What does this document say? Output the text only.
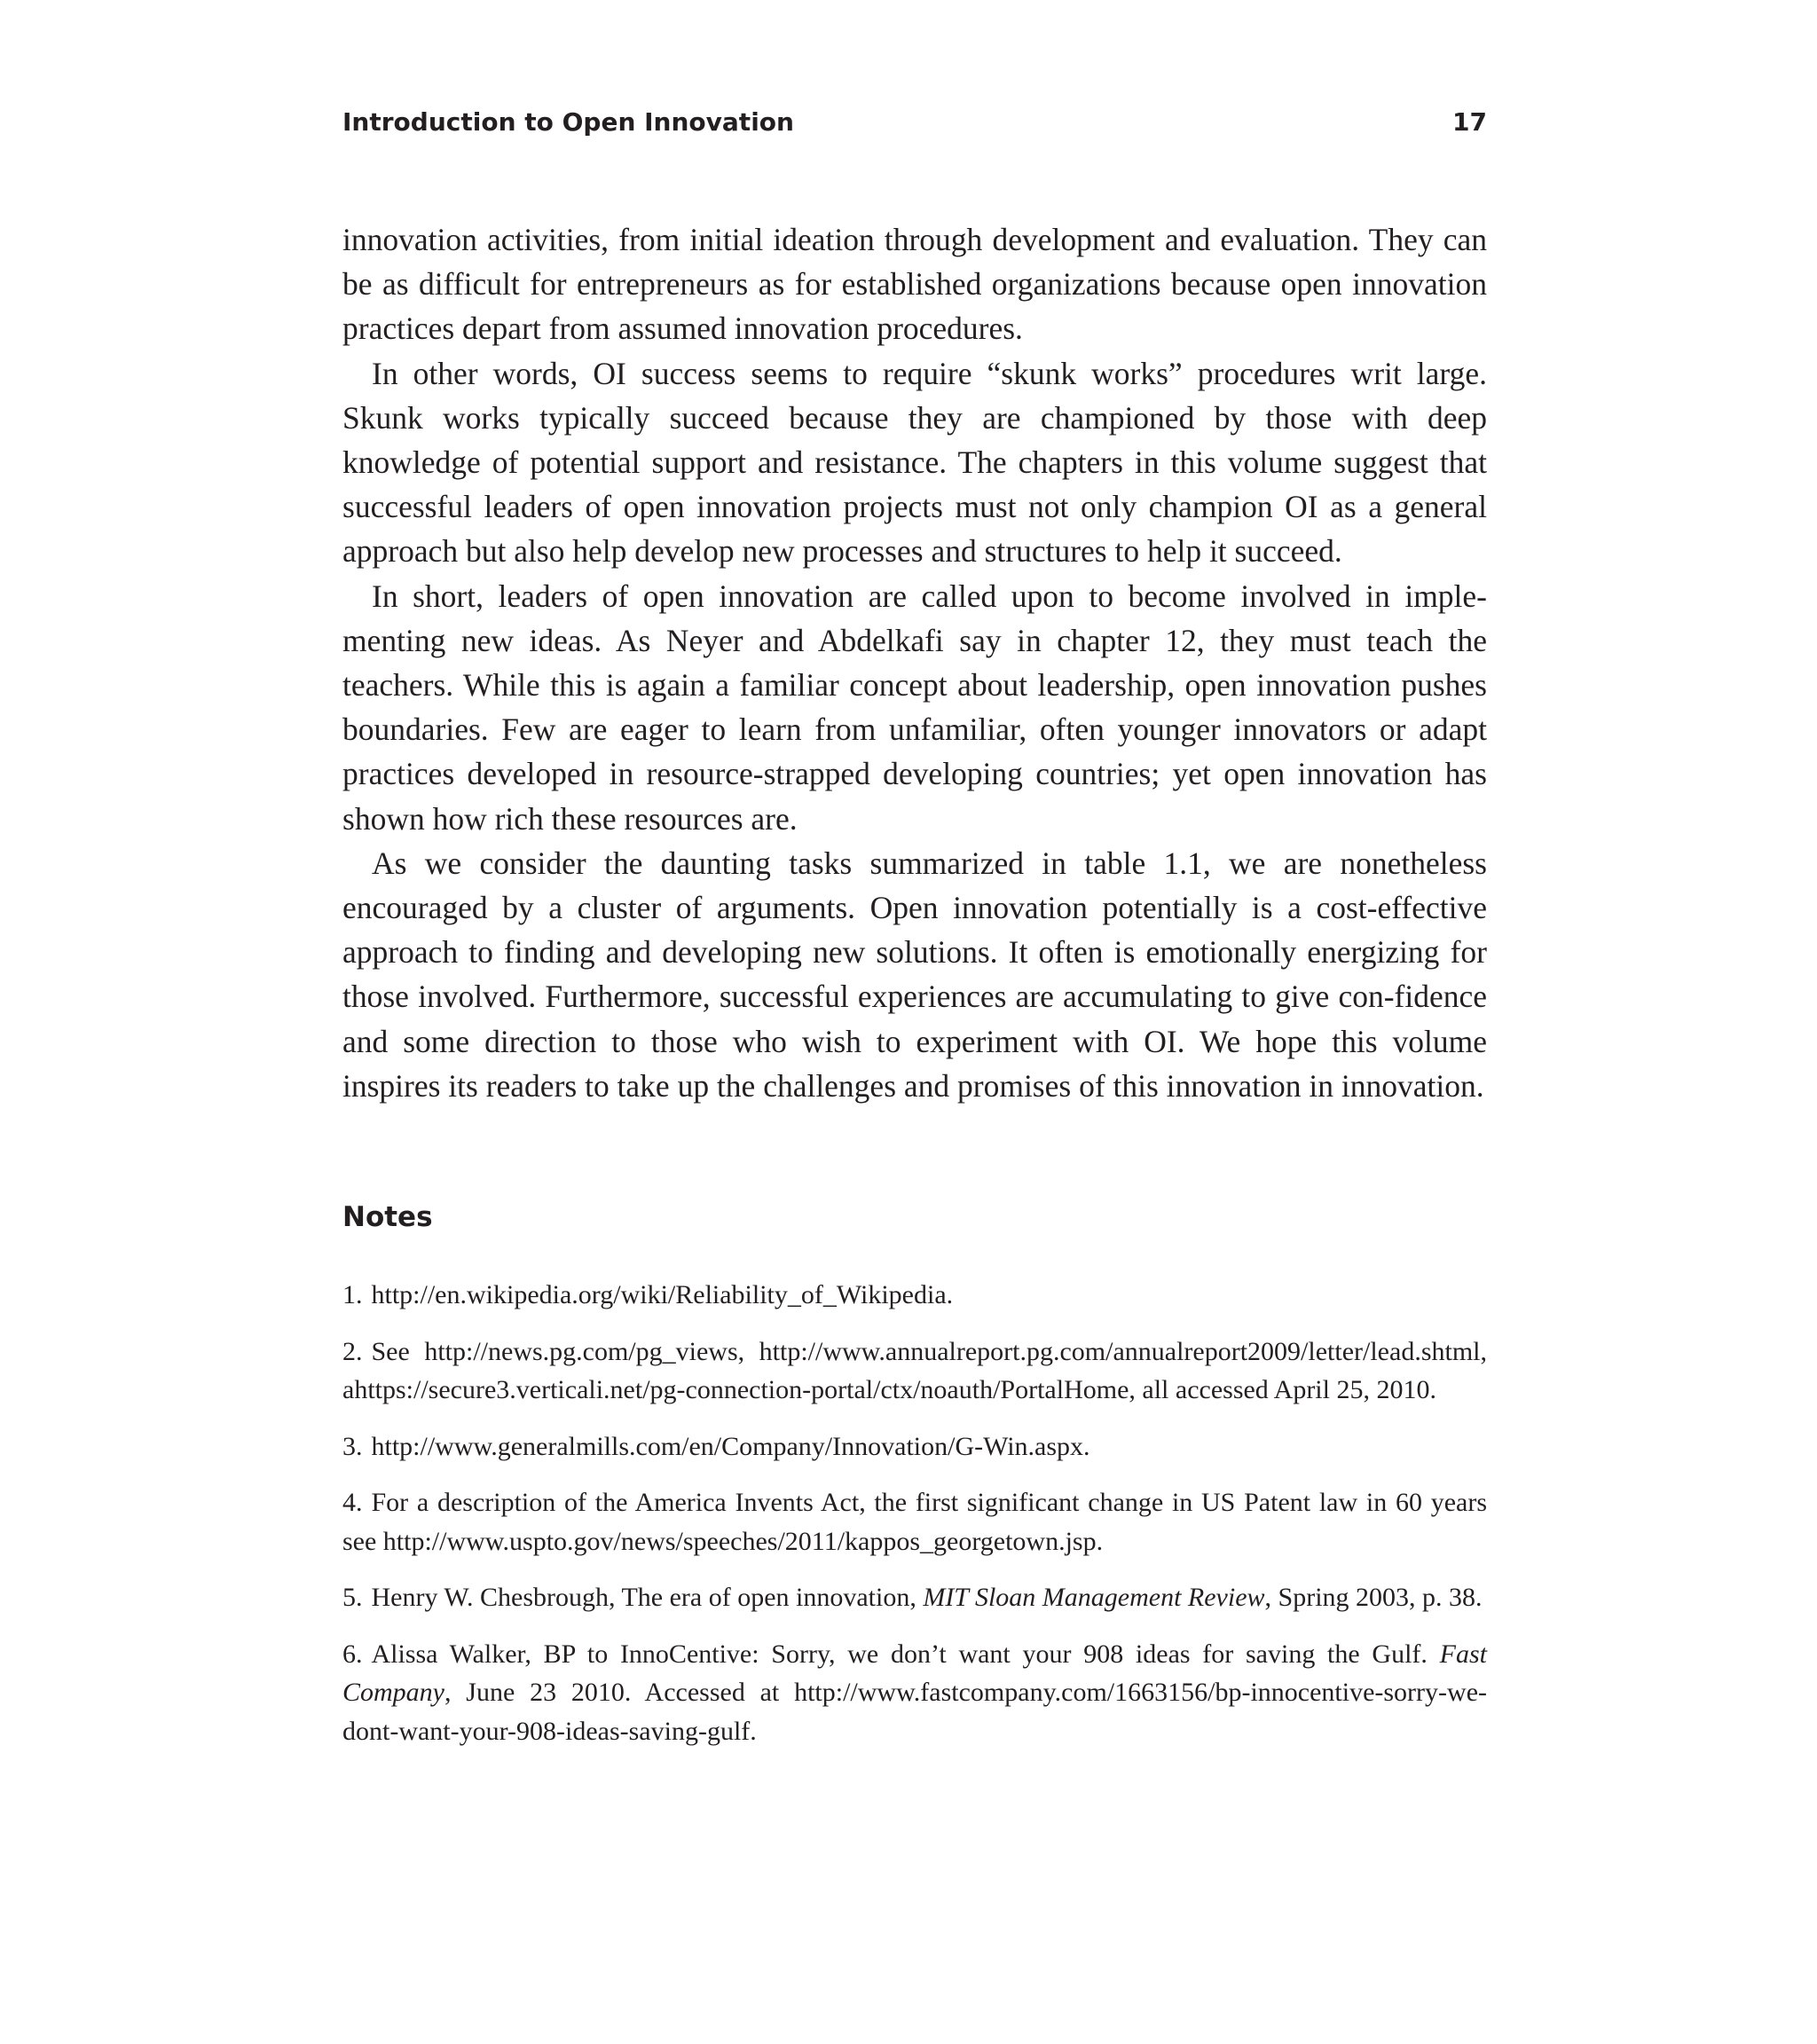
Introduction to Open Innovation	17

innovation activities, from initial ideation through development and evaluation. They can be as difficult for entrepreneurs as for established organizations because open innovation practices depart from assumed innovation procedures.

In other words, OI success seems to require “skunk works” procedures writ large. Skunk works typically succeed because they are championed by those with deep knowledge of potential support and resistance. The chapters in this volume suggest that successful leaders of open innovation projects must not only champion OI as a general approach but also help develop new processes and structures to help it succeed.

In short, leaders of open innovation are called upon to become involved in imple-menting new ideas. As Neyer and Abdelkafi say in chapter 12, they must teach the teachers. While this is again a familiar concept about leadership, open innovation pushes boundaries. Few are eager to learn from unfamiliar, often younger innovators or adapt practices developed in resource-strapped developing countries; yet open innovation has shown how rich these resources are.

As we consider the daunting tasks summarized in table 1.1, we are nonetheless encouraged by a cluster of arguments. Open innovation potentially is a cost-effective approach to finding and developing new solutions. It often is emotionally energizing for those involved. Furthermore, successful experiences are accumulating to give con-fidence and some direction to those who wish to experiment with OI. We hope this volume inspires its readers to take up the challenges and promises of this innovation in innovation.

Notes

1. http://en.wikipedia.org/wiki/Reliability_of_Wikipedia.

2. See http://news.pg.com/pg_views, http://www.annualreport.pg.com/annualreport2009/letter/lead.shtml, ahttps://secure3.verticali.net/pg-connection-portal/ctx/noauth/PortalHome, all accessed April 25, 2010.

3. http://www.generalmills.com/en/Company/Innovation/G-Win.aspx.

4. For a description of the America Invents Act, the first significant change in US Patent law in 60 years see http://www.uspto.gov/news/speeches/2011/kappos_georgetown.jsp.

5. Henry W. Chesbrough, The era of open innovation, MIT Sloan Management Review, Spring 2003, p. 38.

6. Alissa Walker, BP to InnoCentive: Sorry, we don’t want your 908 ideas for saving the Gulf. Fast Company, June 23 2010. Accessed at http://www.fastcompany.com/1663156/bp-innocentive-sorry-we-dont-want-your-908-ideas-saving-gulf.
